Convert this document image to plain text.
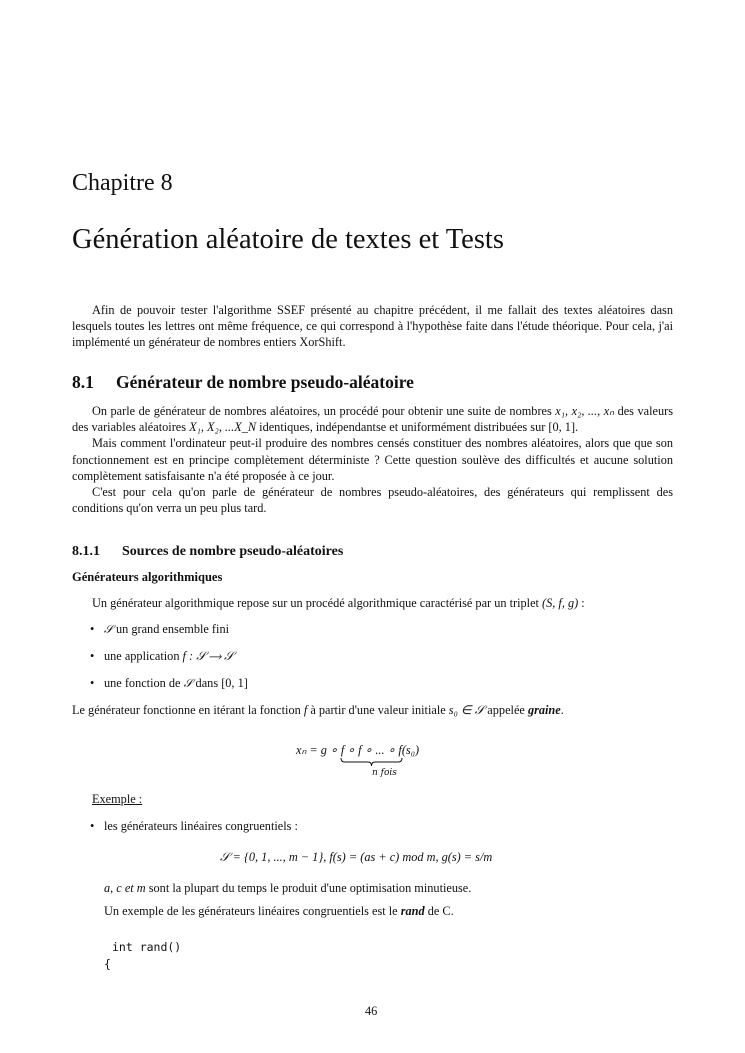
Chapitre 8
Génération aléatoire de textes et Tests

Afin de pouvoir tester l'algorithme SSEF présenté au chapitre précédent, il me fallait des textes aléatoires dasn lesquels toutes les lettres ont même fréquence, ce qui correspond à l'hypothèse faite dans l'étude théorique. Pour cela, j'ai implémenté un générateur de nombres entiers XorShift.

8.1 Générateur de nombre pseudo-aléatoire

On parle de générateur de nombres aléatoires, un procédé pour obtenir une suite de nombres x₁, x₂, ..., xₙ des valeurs des variables aléatoires X₁, X₂, ...X_N identiques, indépendantse et uniformément distribuées sur [0, 1].

Mais comment l'ordinateur peut-il produire des nombres censés constituer des nombres aléatoires, alors que que son fonctionnement est en principe complètement déterministe ? Cette question soulève des difficultés et aucune solution complètement satisfaisante n'a été proposée à ce jour.

C'est pour cela qu'on parle de générateur de nombres pseudo-aléatoires, des générateurs qui remplissent des conditions qu'on verra un peu plus tard.

8.1.1 Sources de nombre pseudo-aléatoires
Générateurs algorithmiques
Un générateur algorithmique repose sur un procédé algorithmique caractérisé par un triplet (S, f, g) :
• 𝒮 un grand ensemble fini
• une application f : 𝒮 ⟶ 𝒮
• une fonction de 𝒮 dans [0, 1]
Le générateur fonctionne en itérant la fonction f à partir d'une valeur initiale s₀ ∈ 𝒮 appelée graine.
xₙ = g ∘ f ∘ f ∘ ... ∘ f
(s₀)
n fois
Exemple :
• les générateurs linéaires congruentiels :
𝒮 = {0, 1, ..., m − 1}, f(s) = (as + c) mod m, g(s) = s/m
a, c et m sont la plupart du temps le produit d'une optimisation minutieuse.
Un exemple de les générateurs linéaires congruentiels est le rand de C.
int rand()
{
46
